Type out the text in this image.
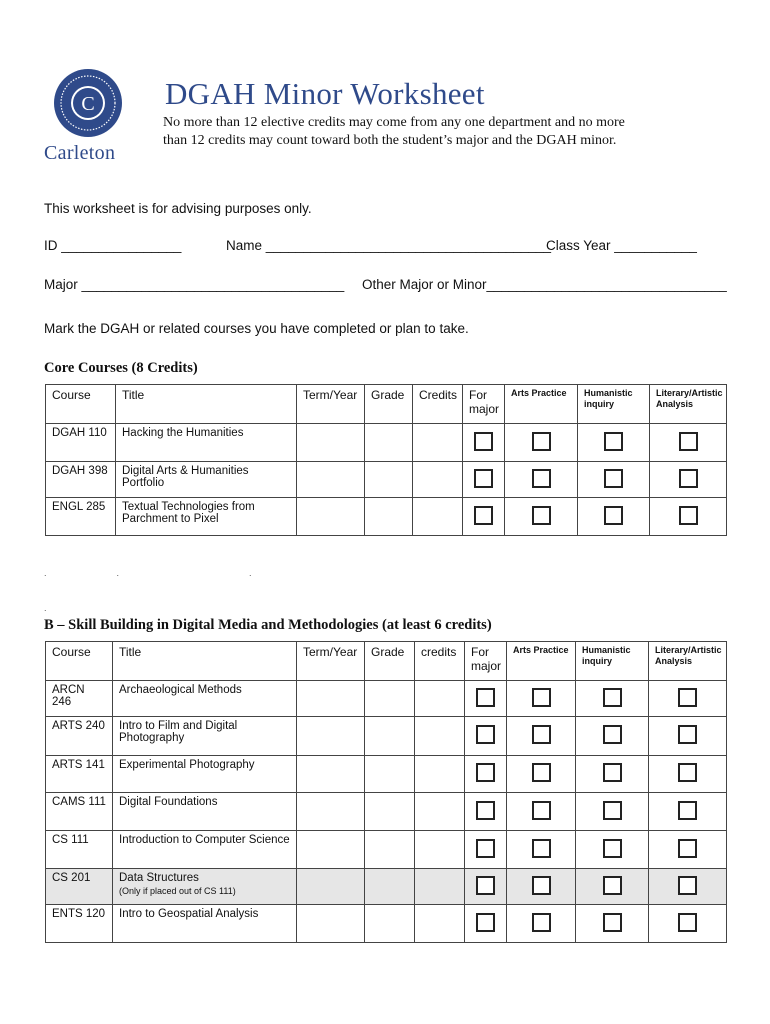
C
Carleton
DGAH Minor Worksheet
No more than 12 elective credits may come from any one department and no more
than 12 credits may count toward both the student’s major and the DGAH minor.
This worksheet is for advising purposes only.
ID ________________	Name ______________________________________
Class Year ___________
Major ___________________________________ Other Major or Minor________________________________
Mark the DGAH or related courses you have completed or plan to take.
Core Courses (8 Credits)
Course	Title	Term/Year	Grade	Credits	For major	Arts Practice	Humanistic inquiry	Literary/Artistic Analysis
DGAH 110	Hacking the Humanities							
DGAH 398	Digital Arts & Humanities Portfolio							
ENGL 285	Textual Technologies from Parchment to Pixel							
.                            .                                                    .
.
B – Skill Building in Digital Media and Methodologies (at least 6 credits)
Course	Title	Term/Year	Grade	credits	For major	Arts Practice	Humanistic inquiry	Literary/Artistic Analysis
ARCN 246	Archaeological Methods							
ARTS 240	Intro to Film and Digital Photography							
ARTS 141	Experimental Photography							
CAMS 111	Digital Foundations							
CS 111	Introduction to Computer Science							
CS 201	Data Structures
(Only if placed out of CS 111)							

ENTS 120	Intro to Geospatial Analysis							
